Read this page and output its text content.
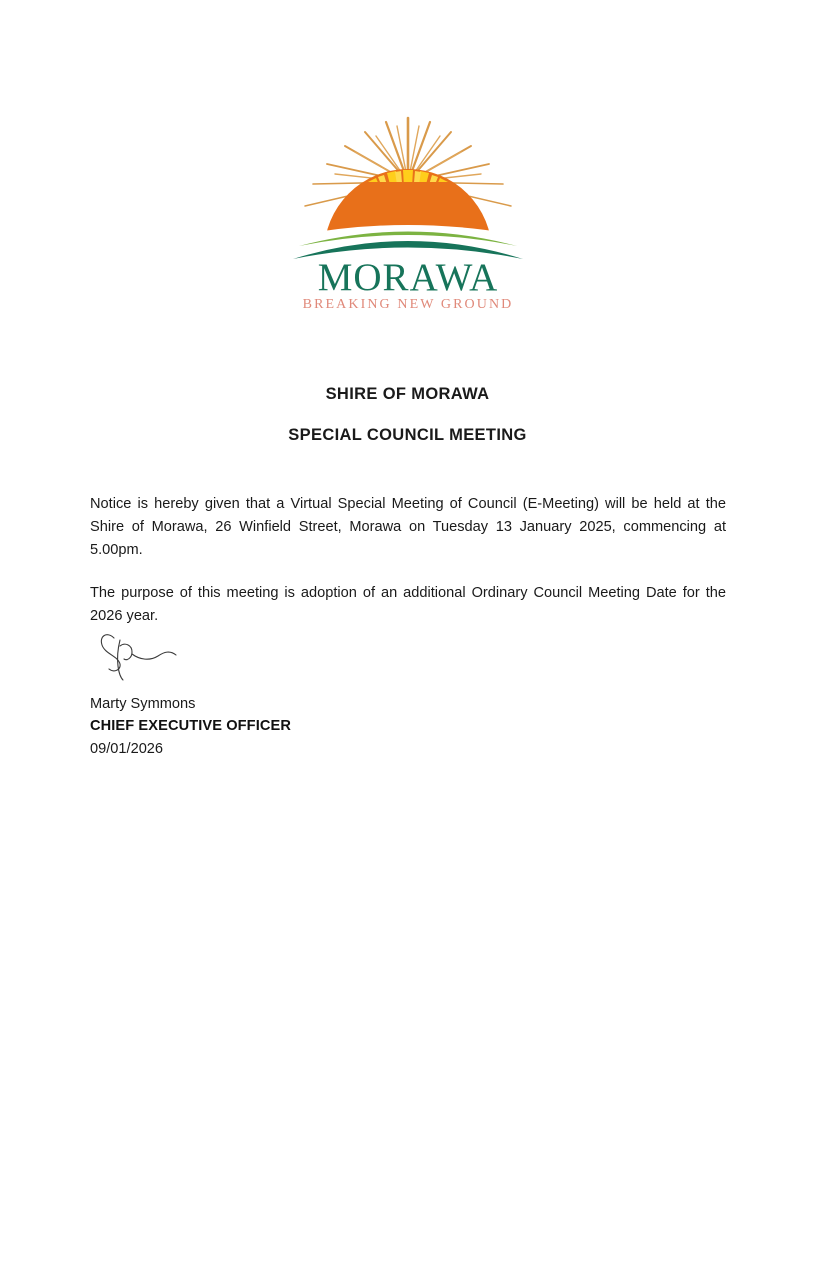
MORAWA
BREAKING NEW GROUND
SHIRE OF MORAWA
SPECIAL COUNCIL MEETING

Notice is hereby given that a Virtual Special Meeting of Council (E-Meeting) will be held at the Shire of Morawa, 26 Winfield Street, Morawa on Tuesday 13 January 2025, commencing at 5.00pm.

The purpose of this meeting is adoption of an additional Ordinary Council Meeting Date for the 2026 year.

Marty Symmons
CHIEF EXECUTIVE OFFICER
09/01/2026
